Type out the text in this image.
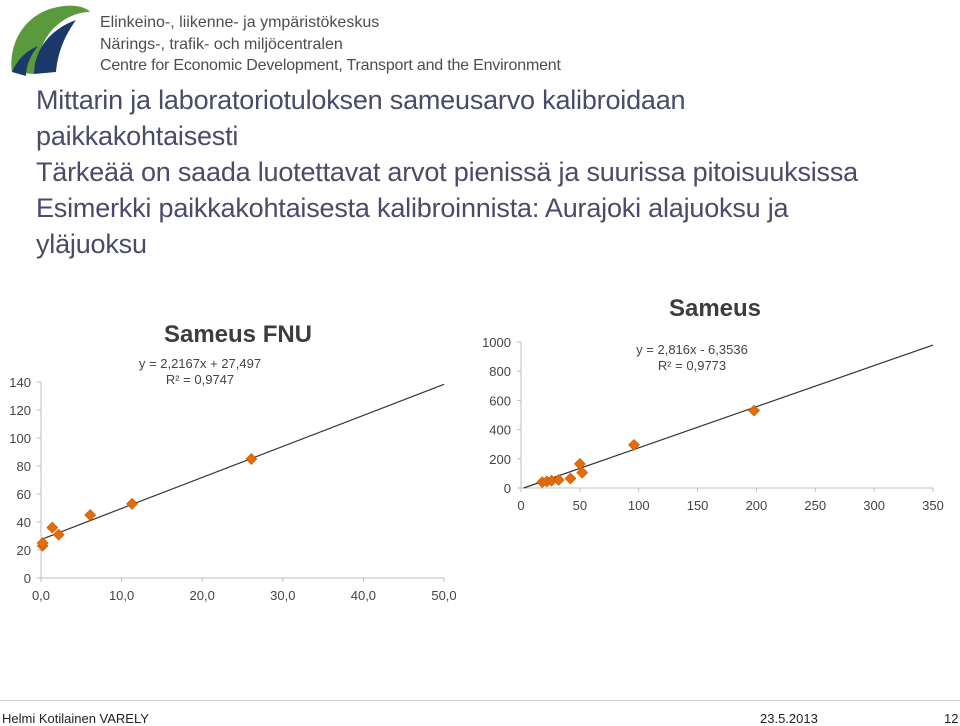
Elinkeino-, liikenne- ja ympäristökeskus
Närings-, trafik- och miljöcentralen
Centre for Economic Development, Transport and the Environment
Mittarin ja laboratoriotuloksen sameusarvo kalibroidaan
paikkakohtaisesti
Tärkeää on saada luotettavat arvot pienissä ja suurissa pitoisuuksissa
Esimerkki paikkakohtaisesta kalibroinnista: Aurajoki alajuoksu ja
yläjuoksu
0,0	10,0	20,0	30,0	40,0	50,0
0
20
40
60
80
100
120
140
Sameus FNU
y = 2,2167x + 27,497
R² = 0,9747
0	50	100	150	200	250	300	350
0
200
400
600
800
1000
Sameus
y = 2,816x - 6,3536
R² = 0,9773
Helmi Kotilainen VARELY	23.5.2013	12
